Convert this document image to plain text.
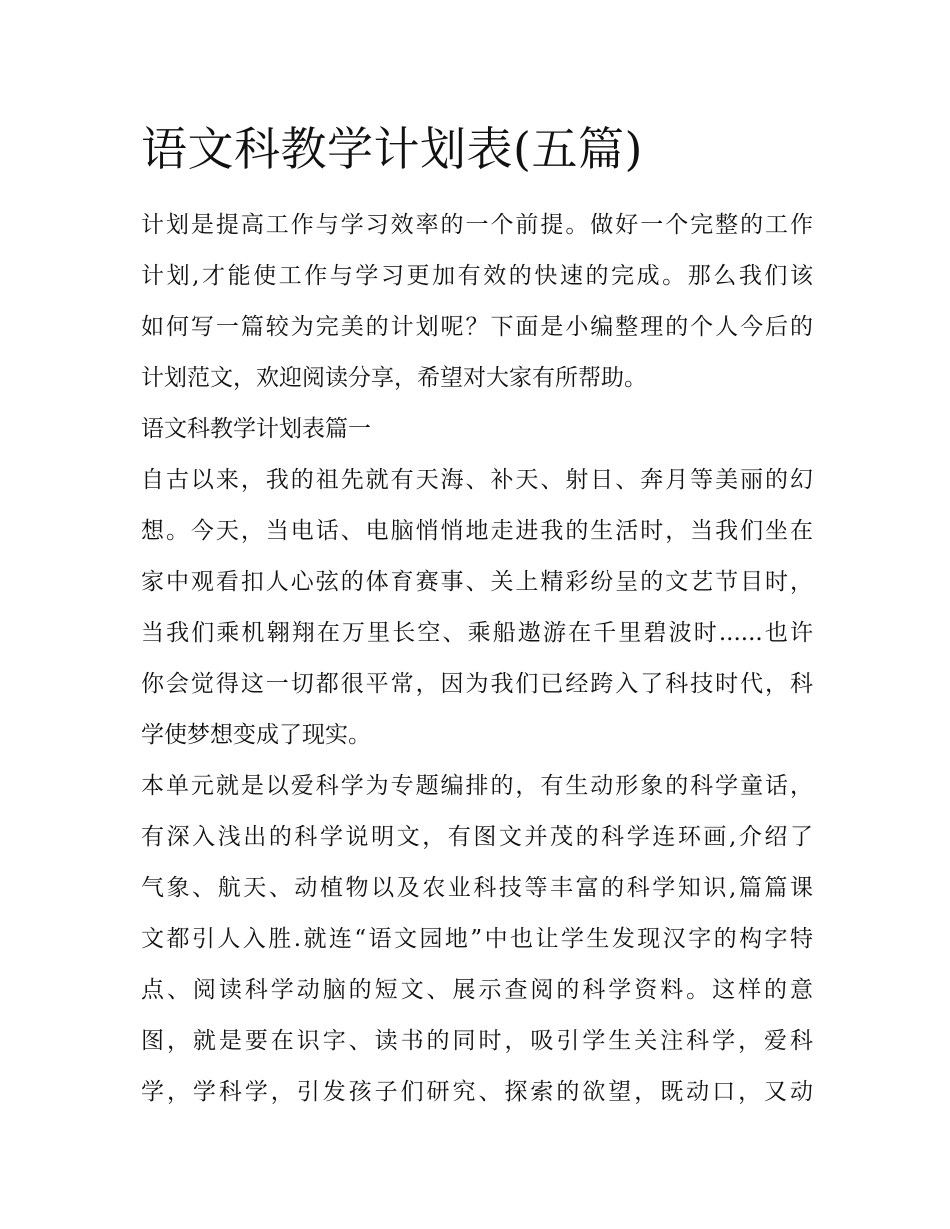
语文科教学计划表(五篇)
计划是提高工作与学习效率的一个前提。做好一个完整的工作
计划,才能使工作与学习更加有效的快速的完成。那么我们该
如何写一篇较为完美的计划呢？下面是小编整理的个人今后的
计划范文，欢迎阅读分享，希望对大家有所帮助。
语文科教学计划表篇一
自古以来，我的祖先就有天海、补天、射日、奔月等美丽的幻
想。今天，当电话、电脑悄悄地走进我的生活时，当我们坐在
家中观看扣人心弦的体育赛事、关上精彩纷呈的文艺节目时，
当我们乘机翱翔在万里长空、乘船遨游在千里碧波时......也许
你会觉得这一切都很平常，因为我们已经跨入了科技时代，科
学使梦想变成了现实。
本单元就是以爱科学为专题编排的，有生动形象的科学童话，
有深入浅出的科学说明文，有图文并茂的科学连环画,介绍了
气象、航天、动植物以及农业科技等丰富的科学知识,篇篇课
文都引人入胜.就连“语文园地”中也让学生发现汉字的构字特
点、阅读科学动脑的短文、展示查阅的科学资料。这样的意
图，就是要在识字、读书的同时，吸引学生关注科学，爱科
学，学科学，引发孩子们研究、探索的欲望，既动口，又动
